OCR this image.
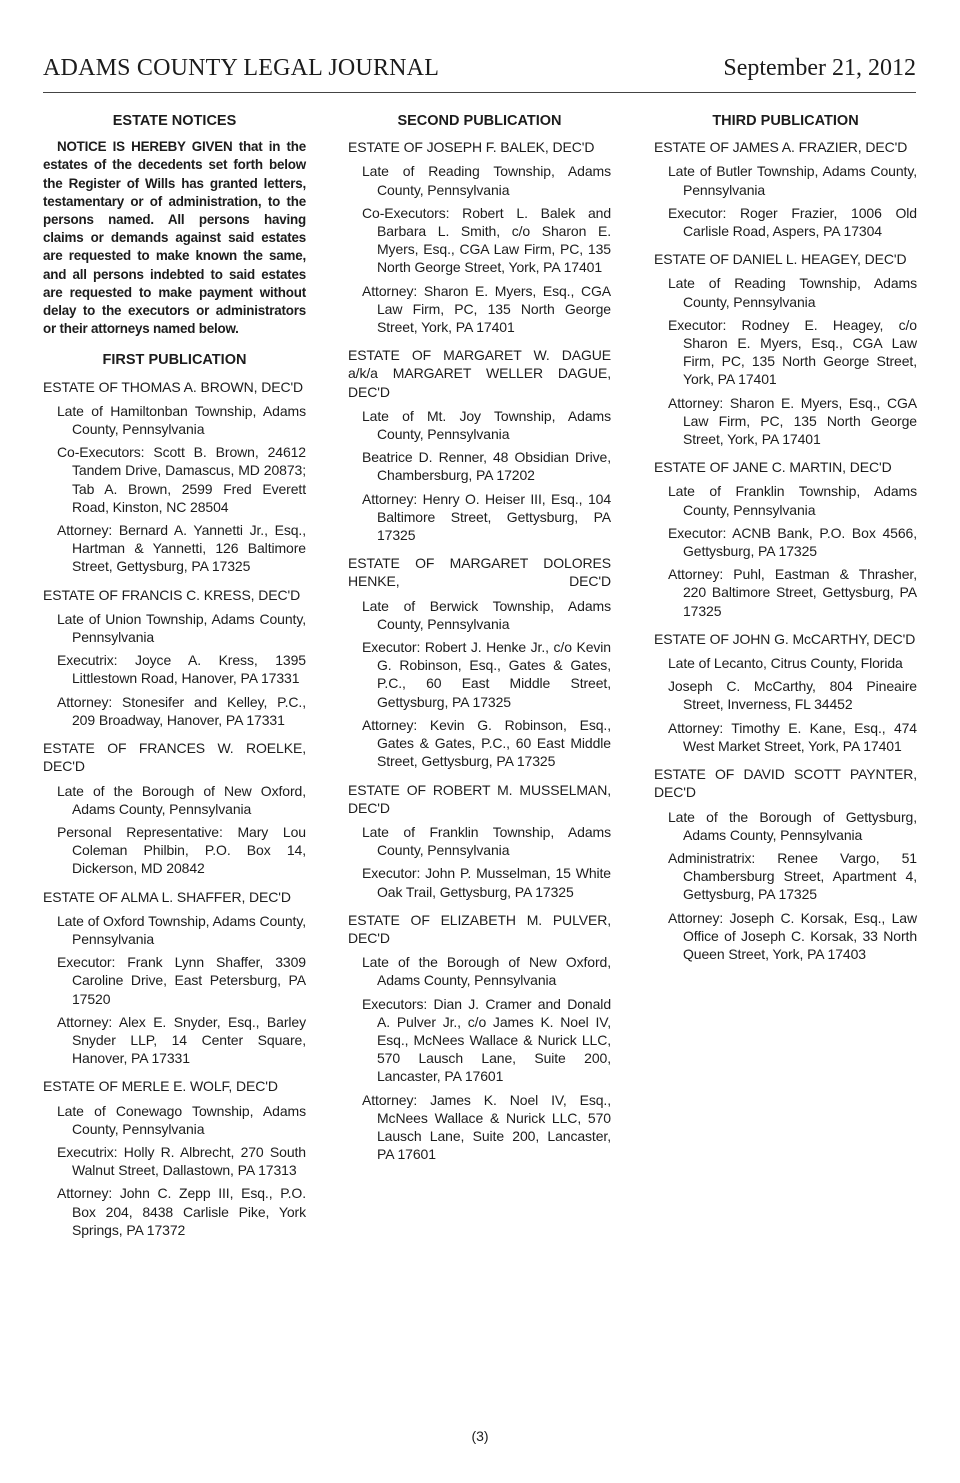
ADAMS COUNTY LEGAL JOURNAL	September 21, 2012
ESTATE NOTICES
NOTICE IS HEREBY GIVEN that in the estates of the decedents set forth below the Register of Wills has granted letters, testamentary or of administration, to the persons named. All persons having claims or demands against said estates are requested to make known the same, and all persons indebted to said estates are requested to make payment without delay to the executors or administrators or their attorneys named below.
FIRST PUBLICATION
ESTATE OF THOMAS A. BROWN, DEC'D
Late of Hamiltonban Township, Adams County, Pennsylvania
Co-Executors: Scott B. Brown, 24612 Tandem Drive, Damascus, MD 20873; Tab A. Brown, 2599 Fred Everett Road, Kinston, NC 28504
Attorney: Bernard A. Yannetti Jr., Esq., Hartman & Yannetti, 126 Baltimore Street, Gettysburg, PA 17325
ESTATE OF FRANCIS C. KRESS, DEC'D
Late of Union Township, Adams County, Pennsylvania
Executrix: Joyce A. Kress, 1395 Littlestown Road, Hanover, PA 17331
Attorney: Stonesifer and Kelley, P.C., 209 Broadway, Hanover, PA 17331
ESTATE OF FRANCES W. ROELKE, DEC'D
Late of the Borough of New Oxford, Adams County, Pennsylvania
Personal Representative: Mary Lou Coleman Philbin, P.O. Box 14, Dickerson, MD 20842
ESTATE OF ALMA L. SHAFFER, DEC'D
Late of Oxford Township, Adams County, Pennsylvania
Executor: Frank Lynn Shaffer, 3309 Caroline Drive, East Petersburg, PA 17520
Attorney: Alex E. Snyder, Esq., Barley Snyder LLP, 14 Center Square, Hanover, PA 17331
ESTATE OF MERLE E. WOLF, DEC'D
Late of Conewago Township, Adams County, Pennsylvania
Executrix: Holly R. Albrecht, 270 South Walnut Street, Dallastown, PA 17313
Attorney: John C. Zepp III, Esq., P.O. Box 204, 8438 Carlisle Pike, York Springs, PA 17372
SECOND PUBLICATION
ESTATE OF JOSEPH F. BALEK, DEC'D
Late of Reading Township, Adams County, Pennsylvania
Co-Executors: Robert L. Balek and Barbara L. Smith, c/o Sharon E. Myers, Esq., CGA Law Firm, PC, 135 North George Street, York, PA 17401
Attorney: Sharon E. Myers, Esq., CGA Law Firm, PC, 135 North George Street, York, PA 17401
ESTATE OF MARGARET W. DAGUE a/k/a MARGARET WELLER DAGUE, DEC'D
Late of Mt. Joy Township, Adams County, Pennsylvania
Beatrice D. Renner, 48 Obsidian Drive, Chambersburg, PA 17202
Attorney: Henry O. Heiser III, Esq., 104 Baltimore Street, Gettysburg, PA 17325
ESTATE OF MARGARET DOLORES HENKE, DEC'D
Late of Berwick Township, Adams County, Pennsylvania
Executor: Robert J. Henke Jr., c/o Kevin G. Robinson, Esq., Gates & Gates, P.C., 60 East Middle Street, Gettysburg, PA 17325
Attorney: Kevin G. Robinson, Esq., Gates & Gates, P.C., 60 East Middle Street, Gettysburg, PA 17325
ESTATE OF ROBERT M. MUSSELMAN, DEC'D
Late of Franklin Township, Adams County, Pennsylvania
Executor: John P. Musselman, 15 White Oak Trail, Gettysburg, PA 17325
ESTATE OF ELIZABETH M. PULVER, DEC'D
Late of the Borough of New Oxford, Adams County, Pennsylvania
Executors: Dian J. Cramer and Donald A. Pulver Jr., c/o James K. Noel IV, Esq., McNees Wallace & Nurick LLC, 570 Lausch Lane, Suite 200, Lancaster, PA 17601
Attorney: James K. Noel IV, Esq., McNees Wallace & Nurick LLC, 570 Lausch Lane, Suite 200, Lancaster, PA 17601
THIRD PUBLICATION
ESTATE OF JAMES A. FRAZIER, DEC'D
Late of Butler Township, Adams County, Pennsylvania
Executor: Roger Frazier, 1006 Old Carlisle Road, Aspers, PA 17304
ESTATE OF DANIEL L. HEAGEY, DEC'D
Late of Reading Township, Adams County, Pennsylvania
Executor: Rodney E. Heagey, c/o Sharon E. Myers, Esq., CGA Law Firm, PC, 135 North George Street, York, PA 17401
Attorney: Sharon E. Myers, Esq., CGA Law Firm, PC, 135 North George Street, York, PA 17401
ESTATE OF JANE C. MARTIN, DEC'D
Late of Franklin Township, Adams County, Pennsylvania
Executor: ACNB Bank, P.O. Box 4566, Gettysburg, PA 17325
Attorney: Puhl, Eastman & Thrasher, 220 Baltimore Street, Gettysburg, PA 17325
ESTATE OF JOHN G. McCARTHY, DEC'D
Late of Lecanto, Citrus County, Florida
Joseph C. McCarthy, 804 Pineaire Street, Inverness, FL 34452
Attorney: Timothy E. Kane, Esq., 474 West Market Street, York, PA 17401
ESTATE OF DAVID SCOTT PAYNTER, DEC'D
Late of the Borough of Gettysburg, Adams County, Pennsylvania
Administratrix: Renee Vargo, 51 Chambersburg Street, Apartment 4, Gettysburg, PA 17325
Attorney: Joseph C. Korsak, Esq., Law Office of Joseph C. Korsak, 33 North Queen Street, York, PA 17403
(3)
